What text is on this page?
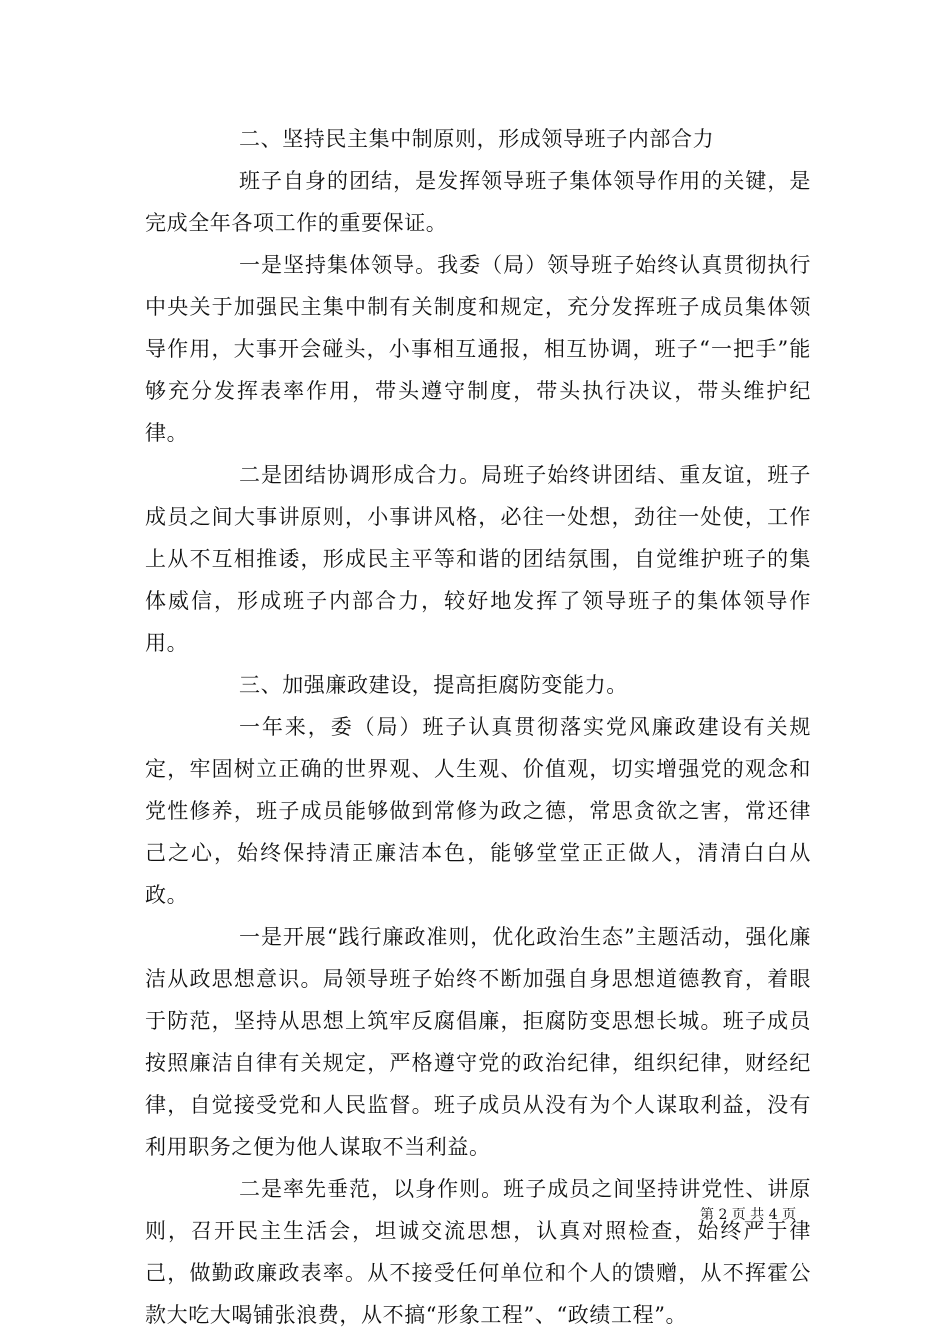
二、坚持民主集中制原则，形成领导班子内部合力

班子自身的团结，是发挥领导班子集体领导作用的关键，是完成全年各项工作的重要保证。

一是坚持集体领导。我委（局）领导班子始终认真贯彻执行中央关于加强民主集中制有关制度和规定，充分发挥班子成员集体领导作用，大事开会碰头，小事相互通报，相互协调，班子“一把手”能够充分发挥表率作用，带头遵守制度，带头执行决议，带头维护纪律。

二是团结协调形成合力。局班子始终讲团结、重友谊，班子成员之间大事讲原则，小事讲风格，必往一处想，劲往一处使，工作上从不互相推诿，形成民主平等和谐的团结氛围，自觉维护班子的集体威信，形成班子内部合力，较好地发挥了领导班子的集体领导作用。

三、加强廉政建设，提高拒腐防变能力。

一年来，委（局）班子认真贯彻落实党风廉政建设有关规定，牢固树立正确的世界观、人生观、价值观，切实增强党的观念和党性修养，班子成员能够做到常修为政之德，常思贪欲之害，常还律己之心，始终保持清正廉洁本色，能够堂堂正正做人，清清白白从政。

一是开展“践行廉政准则，优化政治生态”主题活动，强化廉洁从政思想意识。局领导班子始终不断加强自身思想道德教育，着眼于防范，坚持从思想上筑牢反腐倡廉，拒腐防变思想长城。班子成员按照廉洁自律有关规定，严格遵守党的政治纪律，组织纪律，财经纪律，自觉接受党和人民监督。班子成员从没有为个人谋取利益，没有利用职务之便为他人谋取不当利益。

二是率先垂范，以身作则。班子成员之间坚持讲党性、讲原则，召开民主生活会，坦诚交流思想，认真对照检查，始终严于律己，做勤政廉政表率。从不接受任何单位和个人的馈赠，从不挥霍公款大吃大喝铺张浪费，从不搞“形象工程”、“政绩工程”。

第 2 页 共 4 页
